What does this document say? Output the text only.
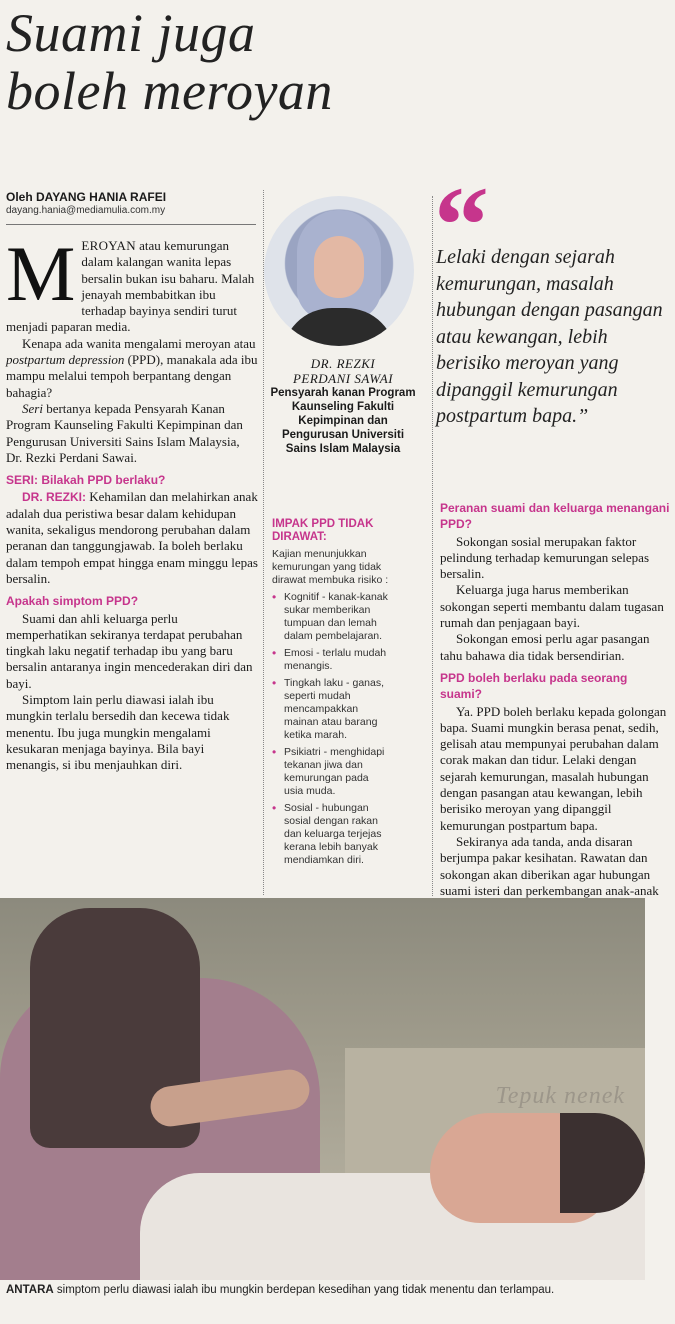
Suami juga
boleh meroyan
Oleh DAYANG HANIA RAFEI
dayang.hania@mediamulia.com.my

M EROYAN atau kemurungan dalam kalangan wanita lepas bersalin bukan isu baharu. Malah jenayah membabitkan ibu terhadap bayinya sendiri turut menjadi paparan media.

Kenapa ada wanita mengalami meroyan atau postpartum depression (PPD), manakala ada ibu mampu melalui tempoh berpantang dengan bahagia?

Seri bertanya kepada Pensyarah Kanan Program Kaunseling Fakulti Kepimpinan dan Pengurusan Universiti Sains Islam Malaysia, Dr. Rezki Perdani Sawai.

SERI: Bilakah PPD berlaku?

DR. REZKI: Kehamilan dan melahirkan anak adalah dua peristiwa besar dalam kehidupan wanita, sekaligus mendorong perubahan dalam peranan dan tanggungjawab. Ia boleh berlaku dalam tempoh empat hingga enam minggu lepas bersalin.

Apakah simptom PPD?

Suami dan ahli keluarga perlu memperhatikan sekiranya terdapat perubahan tingkah laku negatif terhadap ibu yang baru bersalin antaranya ingin mencederakan diri dan bayi.

Simptom lain perlu diawasi ialah ibu mungkin terlalu bersedih dan kecewa tidak menentu. Ibu juga mungkin mengalami kesukaran menjaga bayinya. Bila bayi menangis, si ibu menjauhkan diri.

DR. REZKI
PERDANI SAWAI
Pensyarah kanan Program Kaunseling Fakulti Kepimpinan dan Pengurusan Universiti Sains Islam Malaysia
IMPAK PPD TIDAK DIRAWAT:
Kajian menunjukkan kemurungan yang tidak dirawat membuka risiko :
• Kognitif - kanak-kanak sukar memberikan tumpuan dan lemah dalam pembelajaran.
• Emosi - terlalu mudah menangis.
• Tingkah laku - ganas, seperti mudah mencampakkan mainan atau barang ketika marah.
• Psikiatri - menghidapi tekanan jiwa dan kemurungan pada usia muda.
• Sosial - hubungan sosial dengan rakan dan keluarga terjejas kerana lebih banyak mendiamkan diri.
“
Lelaki dengan sejarah kemurungan, masalah hubungan dengan pasangan atau kewangan, lebih berisiko meroyan yang dipanggil kemurungan postpartum bapa.”
Peranan suami dan keluarga menangani PPD?

Sokongan sosial merupakan faktor pelindung terhadap kemurungan selepas bersalin.

Keluarga juga harus memberikan sokongan seperti membantu dalam tugasan rumah dan penjagaan bayi.

Sokongan emosi perlu agar pasangan tahu bahawa dia tidak bersendirian.

PPD boleh berlaku pada seorang suami?

Ya. PPD boleh berlaku kepada golongan bapa. Suami mungkin berasa penat, sedih, gelisah atau mempunyai perubahan dalam corak makan dan tidur. Lelaki dengan sejarah kemurungan, masalah hubungan dengan pasangan atau kewangan, lebih berisiko meroyan yang dipanggil kemurungan postpartum bapa.

Sekiranya ada tanda, anda disaran berjumpa pakar kesihatan. Rawatan dan sokongan akan diberikan agar hubungan suami isteri dan perkembangan anak-anak

Tepuk nenek
ANTARA simptom perlu diawasi ialah ibu mungkin berdepan kesedihan yang tidak menentu dan terlampau.
